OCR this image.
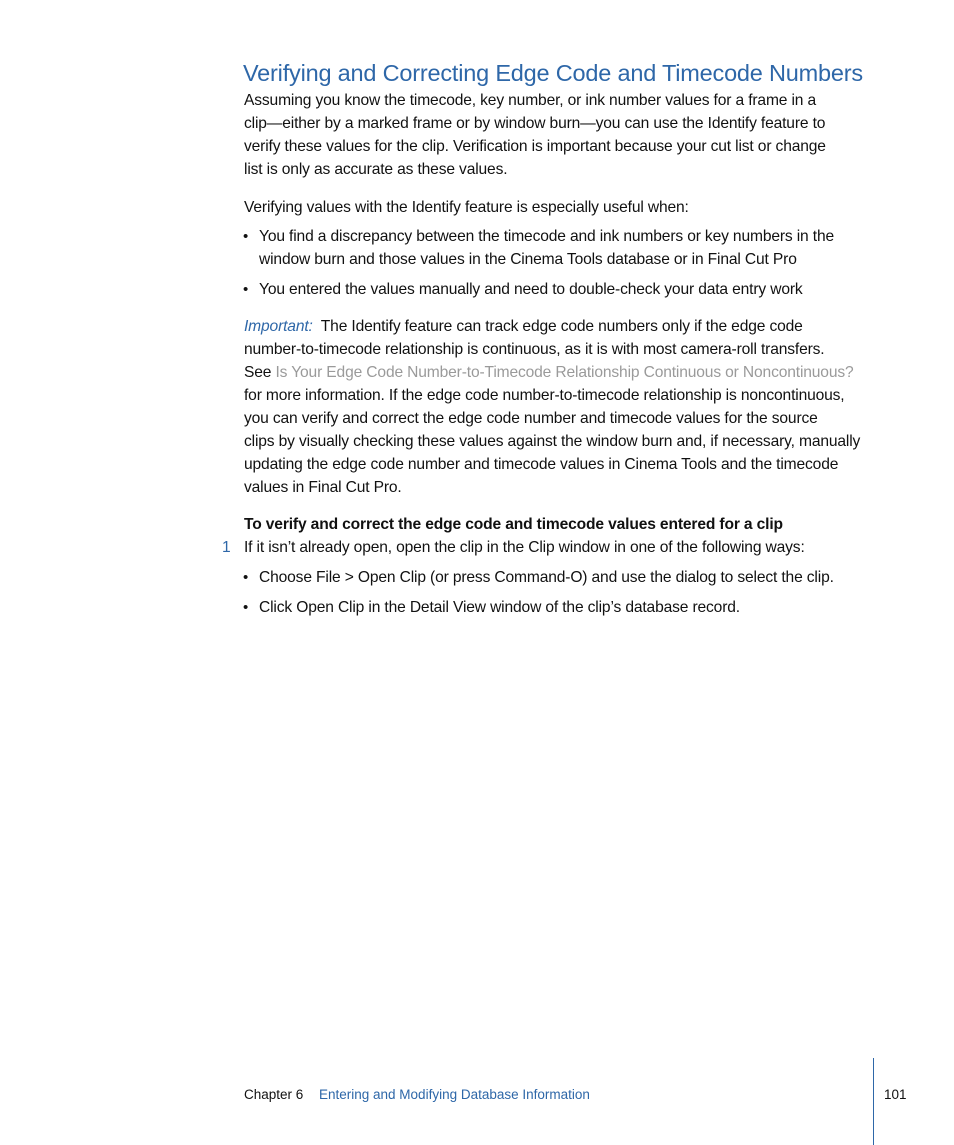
Verifying and Correcting Edge Code and Timecode Numbers
Assuming you know the timecode, key number, or ink number values for a frame in a
clip—either by a marked frame or by window burn—you can use the Identify feature to
verify these values for the clip. Verification is important because your cut list or change
list is only as accurate as these values.
Verifying values with the Identify feature is especially useful when:
• You find a discrepancy between the timecode and ink numbers or key numbers in the
window burn and those values in the Cinema Tools database or in Final Cut Pro
• You entered the values manually and need to double-check your data entry work
Important: The Identify feature can track edge code numbers only if the edge code
number-to-timecode relationship is continuous, as it is with most camera-roll transfers.
See Is Your Edge Code Number-to-Timecode Relationship Continuous or Noncontinuous?
for more information. If the edge code number-to-timecode relationship is noncontinuous,
you can verify and correct the edge code number and timecode values for the source
clips by visually checking these values against the window burn and, if necessary, manually
updating the edge code number and timecode values in Cinema Tools and the timecode
values in Final Cut Pro.
To verify and correct the edge code and timecode values entered for a clip
1 If it isn’t already open, open the clip in the Clip window in one of the following ways:
• Choose File > Open Clip (or press Command-O) and use the dialog to select the clip.
• Click Open Clip in the Detail View window of the clip’s database record.
Chapter 6 Entering and Modifying Database Information	101
